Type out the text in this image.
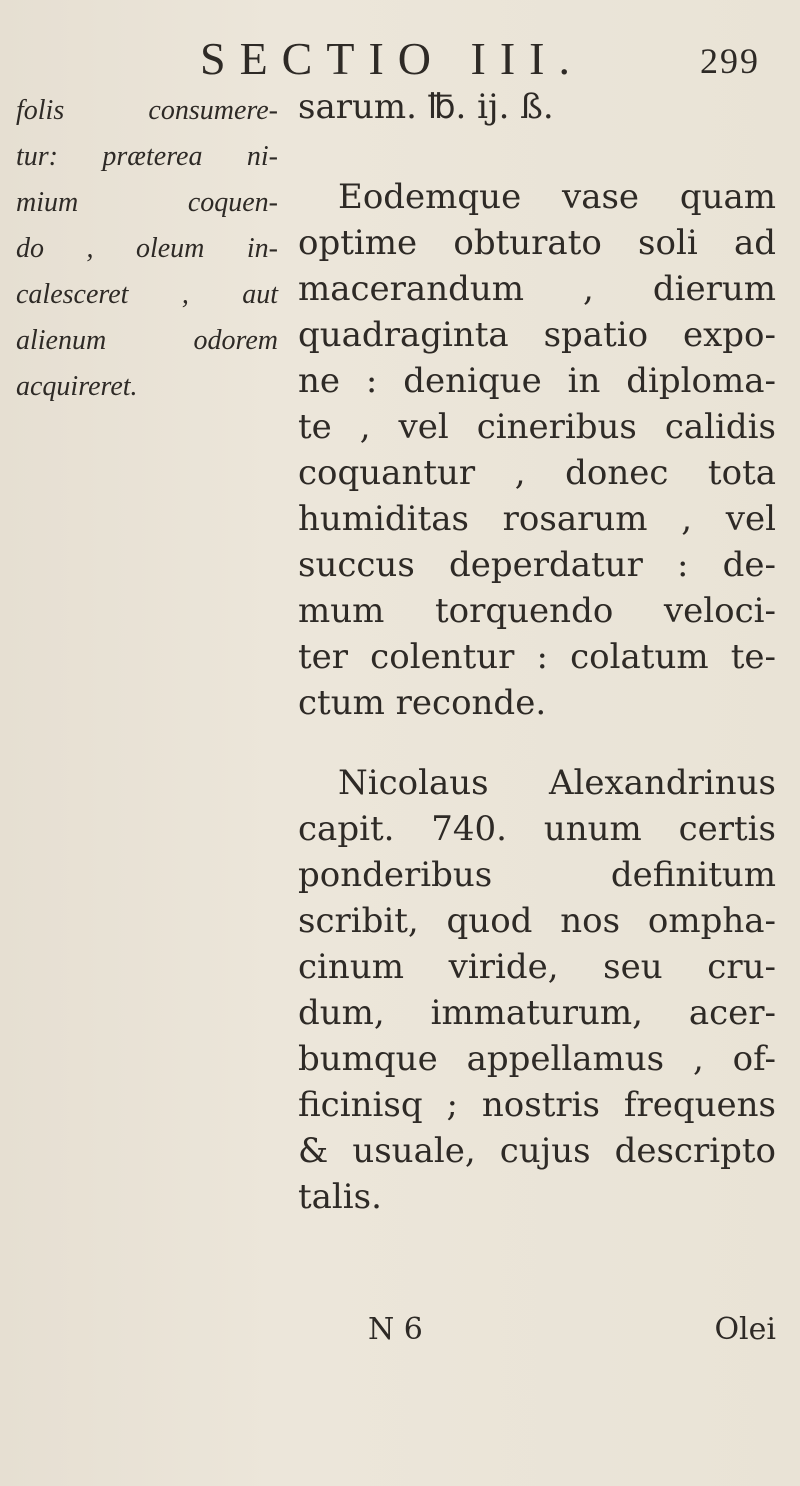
SECTIO III.	299
folis consumere-
tur: præterea ni-
mium coquen-
do , oleum in-
calesceret , aut
alienum odorem
acquireret.
sarum. ℔. ij. ß.
Eodemque vase quam
optime obturato soli ad
macerandum , dierum
quadraginta spatio expo-
ne : denique in diploma-
te , vel cineribus calidis
coquantur , donec tota
humiditas rosarum , vel
succus deperdatur : de-
mum torquendo veloci-
ter colentur : colatum te-
ctum reconde.
Nicolaus Alexandrinus
capit. 740. unum certis
ponderibus definitum
scribit, quod nos ompha-
cinum viride, seu cru-
dum, immaturum, acer-
bumque appellamus , of-
ficinisq ; nostris frequens
& usuale, cujus descripto
talis.
N 6	Olei
